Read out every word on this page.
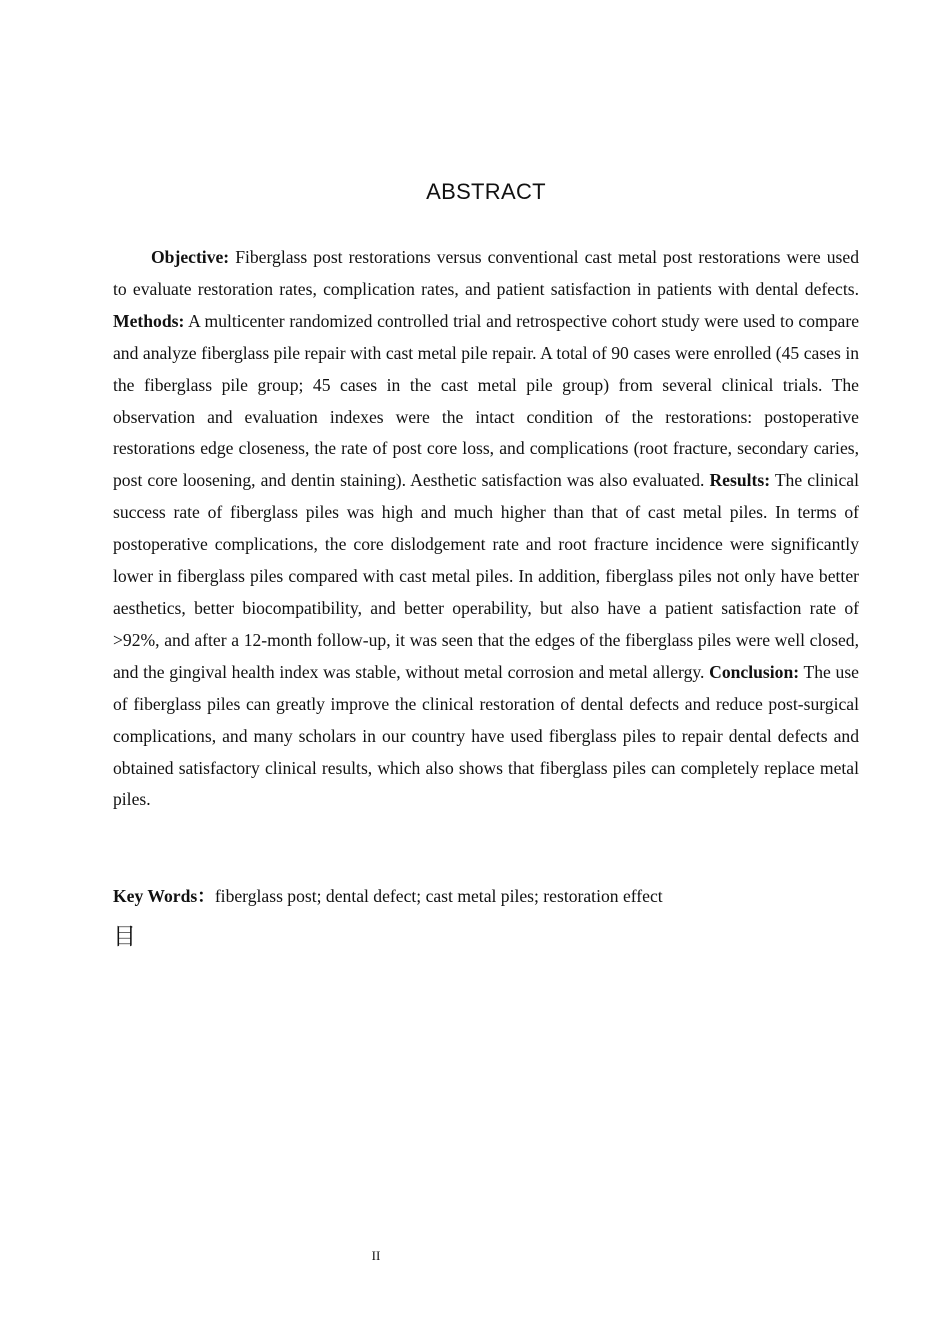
ABSTRACT

Objective: Fiberglass post restorations versus conventional cast metal post restorations were used to evaluate restoration rates, complication rates, and patient satisfaction in patients with dental defects. Methods: A multicenter randomized controlled trial and retrospective cohort study were used to compare and analyze fiberglass pile repair with cast metal pile repair. A total of 90 cases were enrolled (45 cases in the fiberglass pile group; 45 cases in the cast metal pile group) from several clinical trials. The observation and evaluation indexes were the intact condition of the restorations: postoperative restorations edge closeness, the rate of post core loss, and complications (root fracture, secondary caries, post core loosening, and dentin staining). Aesthetic satisfaction was also evaluated. Results: The clinical success rate of fiberglass piles was high and much higher than that of cast metal piles. In terms of postoperative complications, the core dislodgement rate and root fracture incidence were significantly lower in fiberglass piles compared with cast metal piles. In addition, fiberglass piles not only have better aesthetics, better biocompatibility, and better operability, but also have a patient satisfaction rate of >92%, and after a 12-month follow-up, it was seen that the edges of the fiberglass piles were well closed, and the gingival health index was stable, without metal corrosion and metal allergy. Conclusion: The use of fiberglass piles can greatly improve the clinical restoration of dental defects and reduce post-surgical complications, and many scholars in our country have used fiberglass piles to repair dental defects and obtained satisfactory clinical results, which also shows that fiberglass piles can completely replace metal piles.

Key Words：fiberglass post; dental defect; cast metal piles; restoration effect

目
II
